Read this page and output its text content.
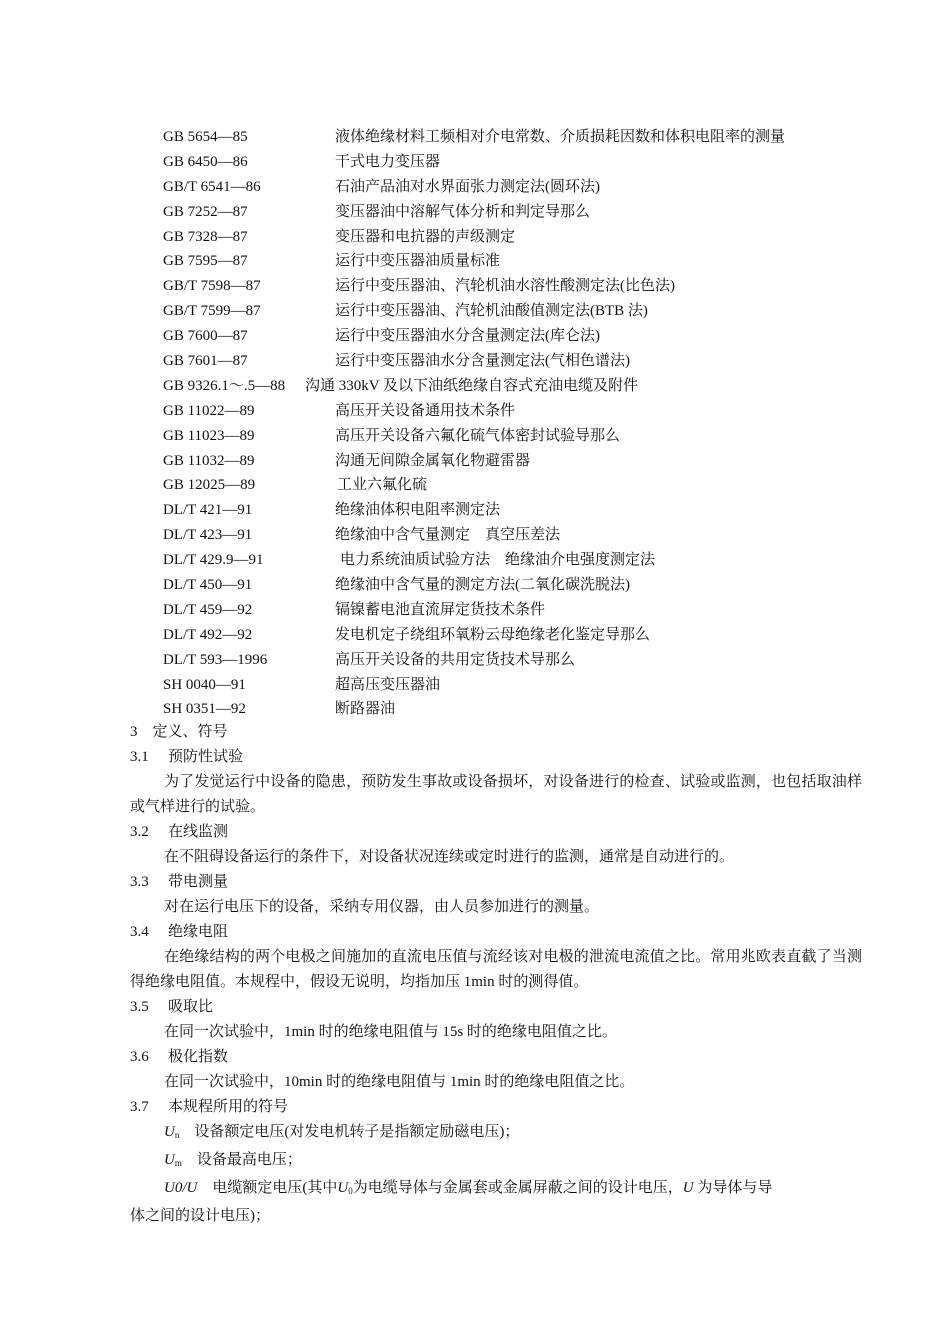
GB 5654—85	液体绝缘材料工频相对介电常数、介质损耗因数和体积电阻率的测量
GB 6450—86	干式电力变压器
GB/T 6541—86	石油产品油对水界面张力测定法(圆环法)
GB 7252—87	变压器油中溶解气体分析和判定导那么
GB 7328—87	变压器和电抗器的声级测定
GB 7595—87	运行中变压器油质量标准
GB/T 7598—87	运行中变压器油、汽轮机油水溶性酸测定法(比色法)
GB/T 7599—87	运行中变压器油、汽轮机油酸值测定法(BTB 法)
GB 7600—87	运行中变压器油水分含量测定法(库仑法)
GB 7601—87	运行中变压器油水分含量测定法(气相色谱法)
GB 9326.1～.5—88 沟通 330kV 及以下油纸绝缘自容式充油电缆及附件
GB 11022—89	高压开关设备通用技术条件
GB 11023—89	高压开关设备六氟化硫气体密封试验导那么
GB 11032—89	沟通无间隙金属氧化物避雷器
GB 12025—89	工业六氟化硫
DL/T 421—91	绝缘油体积电阻率测定法
DL/T 423—91	绝缘油中含气量测定　真空压差法
DL/T 429.9—91	电力系统油质试验方法　绝缘油介电强度测定法
DL/T 450—91	绝缘油中含气量的测定方法(二氧化碳洗脱法)
DL/T 459—92	镉镍蓄电池直流屏定货技术条件
DL/T 492—92	发电机定子绕组环氧粉云母绝缘老化鉴定导那么
DL/T 593—1996	高压开关设备的共用定货技术导那么
SH 0040—91	超高压变压器油
SH 0351—92	断路器油
3　定义、符号
3.1 预防性试验
为了发觉运行中设备的隐患，预防发生事故或设备损坏，对设备进行的检查、试验或监测，也包括取油样或气样进行的试验。
3.2 在线监测
在不阻碍设备运行的条件下，对设备状况连续或定时进行的监测，通常是自动进行的。
3.3 带电测量
对在运行电压下的设备，采纳专用仪器，由人员参加进行的测量。
3.4 绝缘电阻
在绝缘结构的两个电极之间施加的直流电压值与流经该对电极的泄流电流值之比。常用兆欧表直截了当测得绝缘电阻值。本规程中，假设无说明，均指加压 1min 时的测得值。
3.5 吸取比
在同一次试验中，1min 时的绝缘电阻值与 15s 时的绝缘电阻值之比。
3.6 极化指数
在同一次试验中，10min 时的绝缘电阻值与 1min 时的绝缘电阻值之比。
3.7 本规程所用的符号
$U_n$　 设备额定电压(对发电机转子是指额定励磁电压)；
$U_m$　 设备最高电压；
U0/U　 电缆额定电压(其中$U_0$为电缆导体与金属套或金属屏蔽之间的设计电压，U 为导体与导
体之间的设计电压)；
